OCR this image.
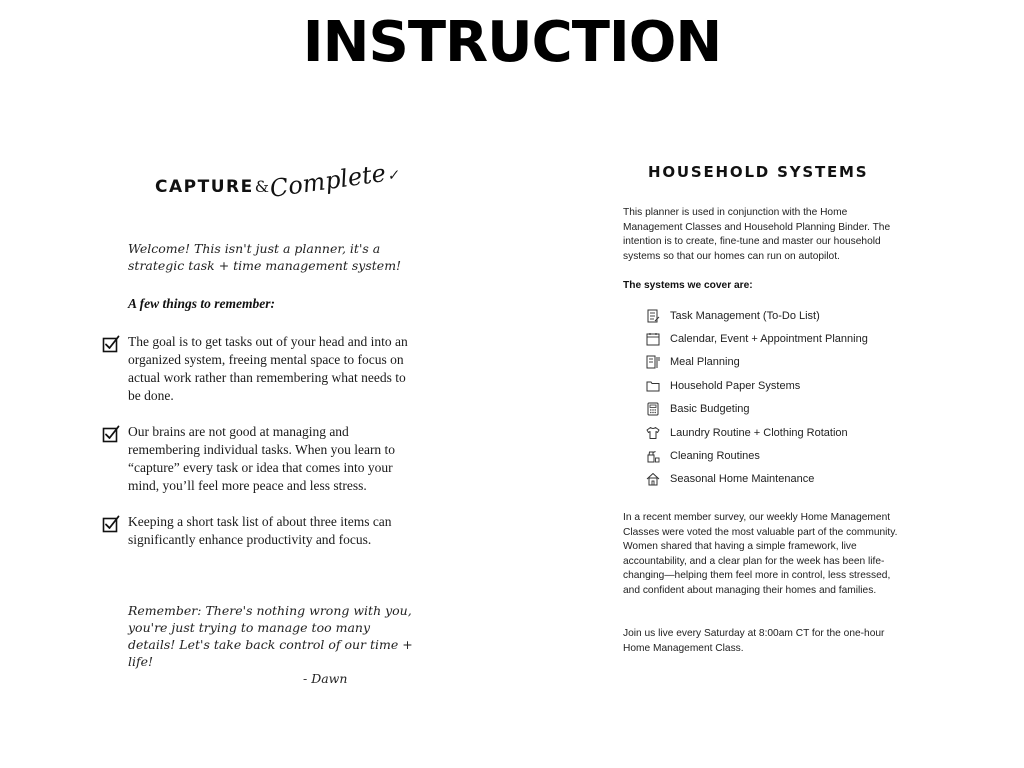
INSTRUCTION
CAPTURE&Complete✓
Welcome! This isn't just a planner, it's a strategic task + time management system!
A few things to remember:

The goal is to get tasks out of your head and into an organized system, freeing mental space to focus on actual work rather than remembering what needs to be done.

Our brains are not good at managing and remembering individual tasks. When you learn to “capture” every task or idea that comes into your mind, you’ll feel more peace and less stress.

Keeping a short task list of about three items can significantly enhance productivity and focus.

Remember: There's nothing wrong with you, you're just trying to manage too many details! Let's take back control of our time + life!
- Dawn
HOUSEHOLD SYSTEMS

This planner is used in conjunction with the Home Management Classes and Household Planning Binder. The intention is to create, fine-tune and master our household systems so that our homes can run on autopilot.

The systems we cover are:

Task Management (To-Do List)
Calendar, Event + Appointment Planning
Meal Planning
Household Paper Systems
Basic Budgeting
Laundry Routine + Clothing Rotation
Cleaning Routines
Seasonal Home Maintenance

In a recent member survey, our weekly Home Management Classes were voted the most valuable part of the community. Women shared that having a simple framework, live accountability, and a clear plan for the week has been life-changing—helping them feel more in control, less stressed, and confident about managing their homes and families.

Join us live every Saturday at 8:00am CT for the one-hour Home Management Class.
